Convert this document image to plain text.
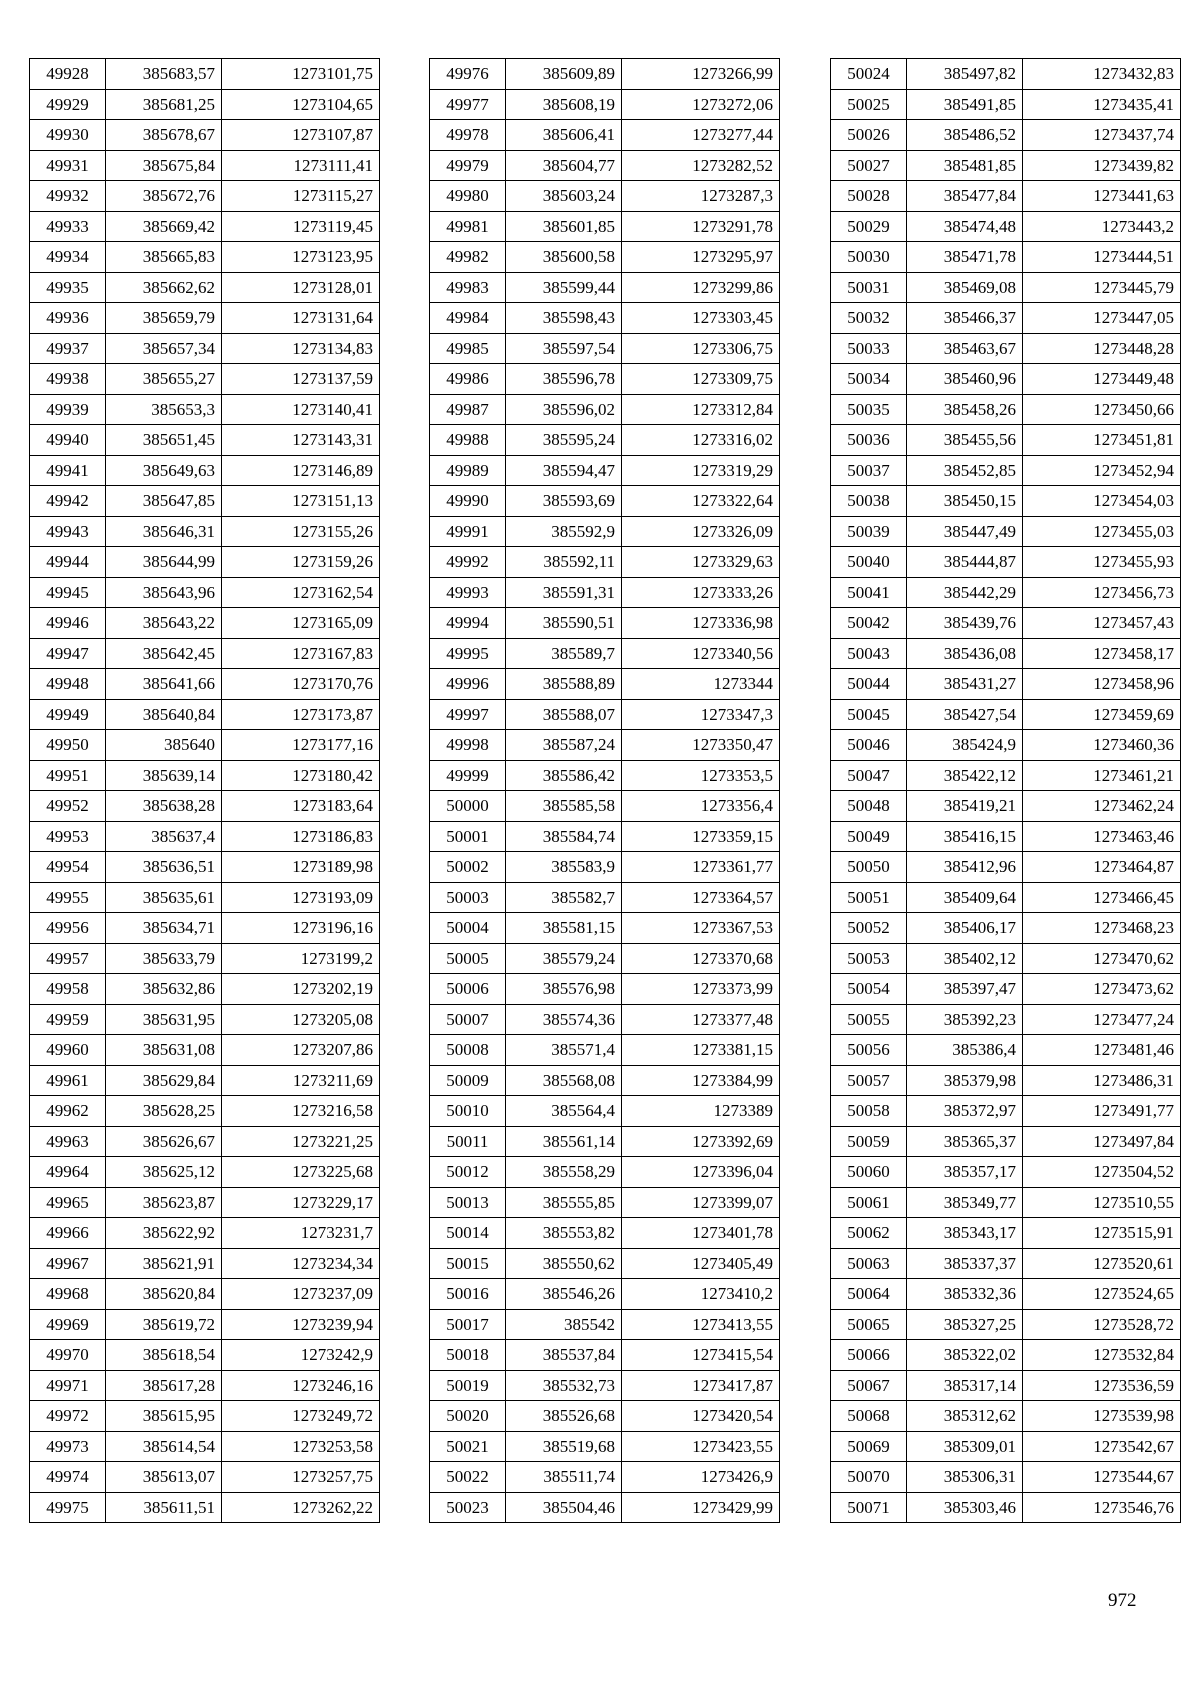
49928	385683,57	1273101,75
49929	385681,25	1273104,65
49930	385678,67	1273107,87
49931	385675,84	1273111,41
49932	385672,76	1273115,27
49933	385669,42	1273119,45
49934	385665,83	1273123,95
49935	385662,62	1273128,01
49936	385659,79	1273131,64
49937	385657,34	1273134,83
49938	385655,27	1273137,59
49939	385653,3	1273140,41
49940	385651,45	1273143,31
49941	385649,63	1273146,89
49942	385647,85	1273151,13
49943	385646,31	1273155,26
49944	385644,99	1273159,26
49945	385643,96	1273162,54
49946	385643,22	1273165,09
49947	385642,45	1273167,83
49948	385641,66	1273170,76
49949	385640,84	1273173,87
49950	385640	1273177,16
49951	385639,14	1273180,42
49952	385638,28	1273183,64
49953	385637,4	1273186,83
49954	385636,51	1273189,98
49955	385635,61	1273193,09
49956	385634,71	1273196,16
49957	385633,79	1273199,2
49958	385632,86	1273202,19
49959	385631,95	1273205,08
49960	385631,08	1273207,86
49961	385629,84	1273211,69
49962	385628,25	1273216,58
49963	385626,67	1273221,25
49964	385625,12	1273225,68
49965	385623,87	1273229,17
49966	385622,92	1273231,7
49967	385621,91	1273234,34
49968	385620,84	1273237,09
49969	385619,72	1273239,94
49970	385618,54	1273242,9
49971	385617,28	1273246,16
49972	385615,95	1273249,72
49973	385614,54	1273253,58
49974	385613,07	1273257,75
49975	385611,51	1273262,22
49976	385609,89	1273266,99
49977	385608,19	1273272,06
49978	385606,41	1273277,44
49979	385604,77	1273282,52
49980	385603,24	1273287,3
49981	385601,85	1273291,78
49982	385600,58	1273295,97
49983	385599,44	1273299,86
49984	385598,43	1273303,45
49985	385597,54	1273306,75
49986	385596,78	1273309,75
49987	385596,02	1273312,84
49988	385595,24	1273316,02
49989	385594,47	1273319,29
49990	385593,69	1273322,64
49991	385592,9	1273326,09
49992	385592,11	1273329,63
49993	385591,31	1273333,26
49994	385590,51	1273336,98
49995	385589,7	1273340,56
49996	385588,89	1273344
49997	385588,07	1273347,3
49998	385587,24	1273350,47
49999	385586,42	1273353,5
50000	385585,58	1273356,4
50001	385584,74	1273359,15
50002	385583,9	1273361,77
50003	385582,7	1273364,57
50004	385581,15	1273367,53
50005	385579,24	1273370,68
50006	385576,98	1273373,99
50007	385574,36	1273377,48
50008	385571,4	1273381,15
50009	385568,08	1273384,99
50010	385564,4	1273389
50011	385561,14	1273392,69
50012	385558,29	1273396,04
50013	385555,85	1273399,07
50014	385553,82	1273401,78
50015	385550,62	1273405,49
50016	385546,26	1273410,2
50017	385542	1273413,55
50018	385537,84	1273415,54
50019	385532,73	1273417,87
50020	385526,68	1273420,54
50021	385519,68	1273423,55
50022	385511,74	1273426,9
50023	385504,46	1273429,99
50024	385497,82	1273432,83
50025	385491,85	1273435,41
50026	385486,52	1273437,74
50027	385481,85	1273439,82
50028	385477,84	1273441,63
50029	385474,48	1273443,2
50030	385471,78	1273444,51
50031	385469,08	1273445,79
50032	385466,37	1273447,05
50033	385463,67	1273448,28
50034	385460,96	1273449,48
50035	385458,26	1273450,66
50036	385455,56	1273451,81
50037	385452,85	1273452,94
50038	385450,15	1273454,03
50039	385447,49	1273455,03
50040	385444,87	1273455,93
50041	385442,29	1273456,73
50042	385439,76	1273457,43
50043	385436,08	1273458,17
50044	385431,27	1273458,96
50045	385427,54	1273459,69
50046	385424,9	1273460,36
50047	385422,12	1273461,21
50048	385419,21	1273462,24
50049	385416,15	1273463,46
50050	385412,96	1273464,87
50051	385409,64	1273466,45
50052	385406,17	1273468,23
50053	385402,12	1273470,62
50054	385397,47	1273473,62
50055	385392,23	1273477,24
50056	385386,4	1273481,46
50057	385379,98	1273486,31
50058	385372,97	1273491,77
50059	385365,37	1273497,84
50060	385357,17	1273504,52
50061	385349,77	1273510,55
50062	385343,17	1273515,91
50063	385337,37	1273520,61
50064	385332,36	1273524,65
50065	385327,25	1273528,72
50066	385322,02	1273532,84
50067	385317,14	1273536,59
50068	385312,62	1273539,98
50069	385309,01	1273542,67
50070	385306,31	1273544,67
50071	385303,46	1273546,76
972
